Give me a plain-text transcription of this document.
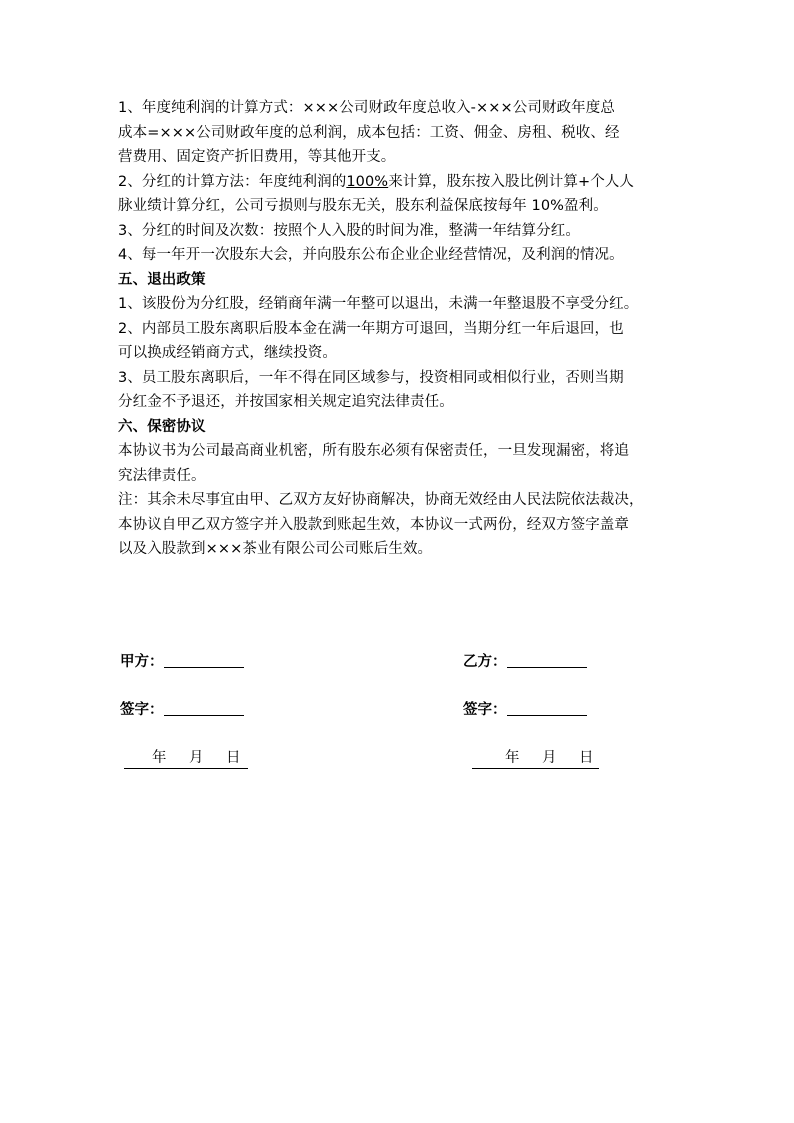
1、年度纯利润的计算方式：×××公司财政年度总收入-×××公司财政年度总
成本=×××公司财政年度的总利润，成本包括：工资、佣金、房租、税收、经
营费用、固定资产折旧费用，等其他开支。
2、分红的计算方法：年度纯利润的100%来计算，股东按入股比例计算+个人人
脉业绩计算分红，公司亏损则与股东无关，股东利益保底按每年 10%盈利。
3、分红的时间及次数：按照个人入股的时间为准，整满一年结算分红。
4、每一年开一次股东大会，并向股东公布企业企业经营情况，及利润的情况。
五、退出政策
1、该股份为分红股，经销商年满一年整可以退出，未满一年整退股不享受分红。
2、内部员工股东离职后股本金在满一年期方可退回，当期分红一年后退回，也
可以换成经销商方式，继续投资。
3、员工股东离职后，一年不得在同区域参与，投资相同或相似行业，否则当期
分红金不予退还，并按国家相关规定追究法律责任。
六、保密协议
本协议书为公司最高商业机密，所有股东必须有保密责任，一旦发现漏密，将追
究法律责任。
注：其余未尽事宜由甲、乙双方友好协商解决，协商无效经由人民法院依法裁决，
本协议自甲乙双方签字并入股款到账起生效，本协议一式两份，经双方签字盖章
以及入股款到×××茶业有限公司公司账后生效。
甲方：	乙方：
签字：	签字：
年 月 日	年 月 日
